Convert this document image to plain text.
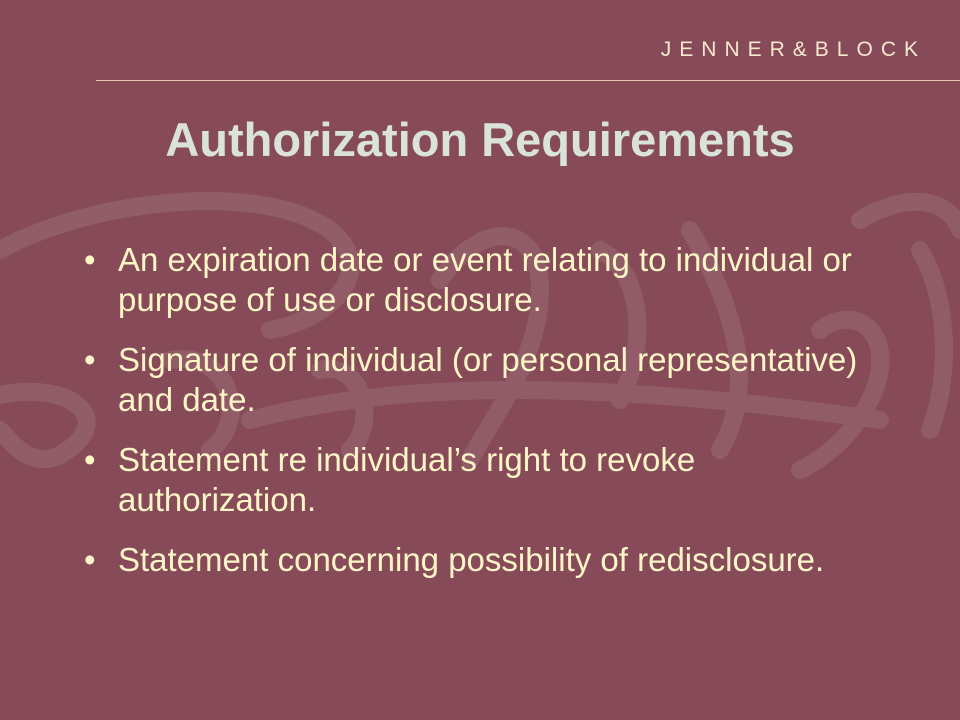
JENNER&BLOCK
Authorization Requirements
• An expiration date or event relating to individual or purpose of use or disclosure.
• Signature of individual (or personal representative) and date.
• Statement re individual’s right to revoke authorization.
• Statement concerning possibility of redisclosure.
